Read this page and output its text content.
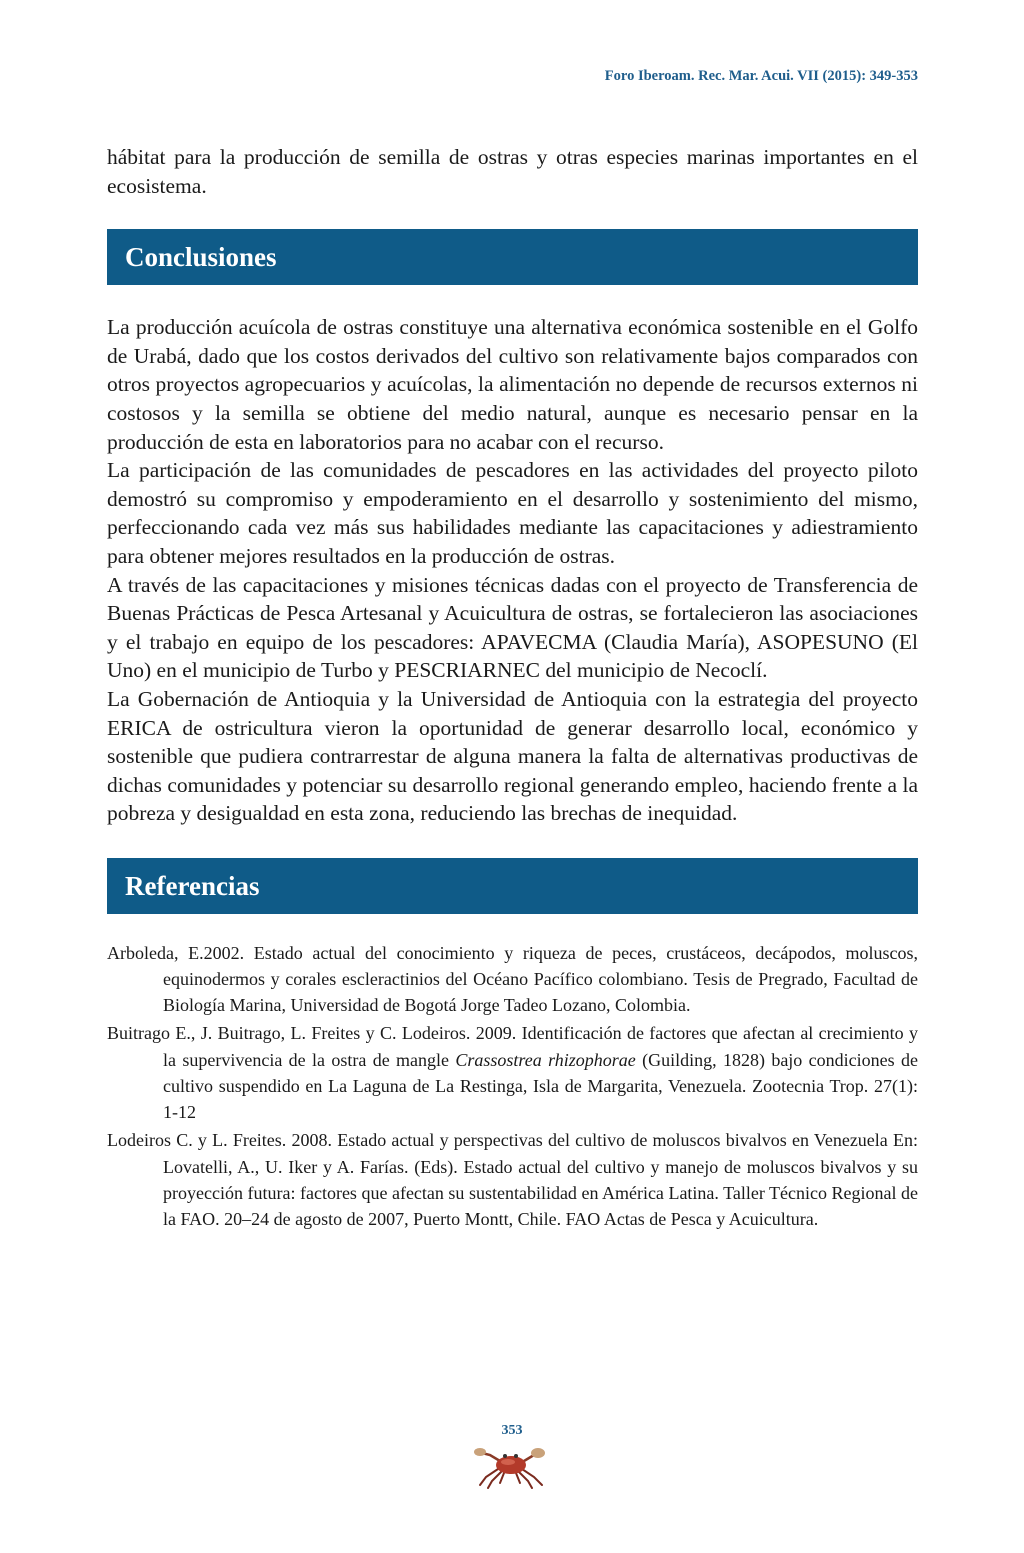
Foro Iberoam. Rec. Mar. Acui. VII (2015): 349-353

hábitat para la producción de semilla de ostras y otras especies marinas importantes en el ecosistema.

Conclusiones

La producción acuícola de ostras constituye una alternativa económica sostenible en el Golfo de Urabá, dado que los costos derivados del cultivo son relativamente bajos comparados con otros proyectos agropecuarios y acuícolas, la alimentación no depende de recursos externos ni costosos y la semilla se obtiene del medio natural, aunque es necesario pensar en la producción de esta en laboratorios para no acabar con el recurso.

La participación de las comunidades de pescadores en las actividades del proyecto piloto demostró su compromiso y empoderamiento en el desarrollo y sostenimiento del mismo, perfeccionando cada vez más sus habilidades mediante las capacitaciones y adiestramiento para obtener mejores resultados en la producción de ostras.

A través de las capacitaciones y misiones técnicas dadas con el proyecto de Transferencia de Buenas Prácticas de Pesca Artesanal y Acuicultura de ostras, se fortalecieron las asociaciones y el trabajo en equipo de los pescadores: APAVECMA (Claudia María), ASOPESUNO (El Uno) en el municipio de Turbo y PESCRIARNEC del municipio de Necoclí.

La Gobernación de Antioquia y la Universidad de Antioquia con la estrategia del proyecto ERICA de ostricultura vieron la oportunidad de generar desarrollo local, económico y sostenible que pudiera contrarrestar de alguna manera la falta de alternativas productivas de dichas comunidades y potenciar su desarrollo regional generando empleo, haciendo frente a la pobreza y desigualdad en esta zona, reduciendo las brechas de inequidad.

Referencias
Arboleda, E.2002. Estado actual del conocimiento y riqueza de peces, crustáceos, decápodos, moluscos, equinodermos y corales escleractinios del Océano Pacífico colombiano. Tesis de Pregrado, Facultad de Biología Marina, Universidad de Bogotá Jorge Tadeo Lozano, Colombia.
Buitrago E., J. Buitrago, L. Freites y C. Lodeiros. 2009. Identificación de factores que afectan al crecimiento y la supervivencia de la ostra de mangle Crassostrea rhizophorae (Guilding, 1828) bajo condiciones de cultivo suspendido en La Laguna de La Restinga, Isla de Margarita, Venezuela. Zootecnia Trop. 27(1): 1-12
Lodeiros C. y L. Freites. 2008. Estado actual y perspectivas del cultivo de moluscos bivalvos en Venezuela En: Lovatelli, A., U. Iker y A. Farías. (Eds). Estado actual del cultivo y manejo de moluscos bivalvos y su proyección futura: factores que afectan su sustentabilidad en América Latina. Taller Técnico Regional de la FAO. 20–24 de agosto de 2007, Puerto Montt, Chile. FAO Actas de Pesca y Acuicultura.
353
